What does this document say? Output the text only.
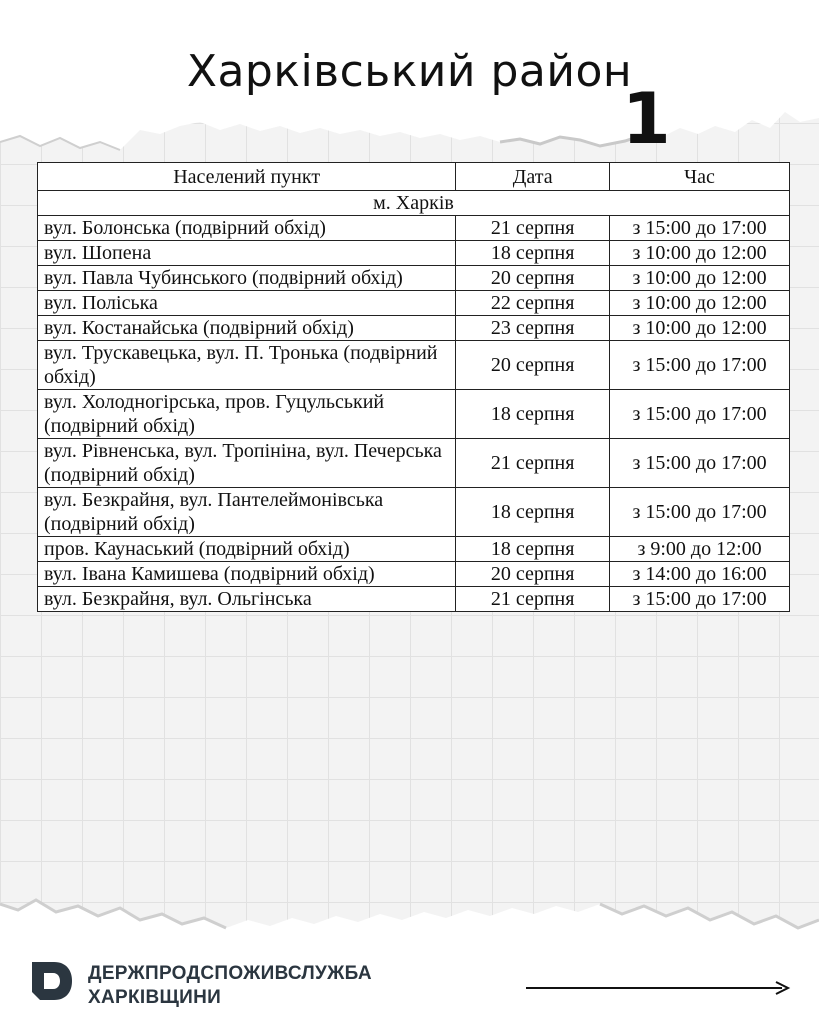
Харківський район
1
Населений пункт	Дата	Час
м. Харків		
вул. Болонська (подвірний обхід)	21 серпня	з 15:00 до 17:00
вул. Шопена	18 серпня	з 10:00 до 12:00
вул. Павла Чубинського (подвірний обхід)	20 серпня	з 10:00 до 12:00
вул. Поліська	22 серпня	з 10:00 до 12:00
вул. Костанайська (подвірний обхід)	23 серпня	з 10:00 до 12:00
вул. Трускавецька, вул. П. Тронька (подвірний обхід)	20 серпня	з 15:00 до 17:00
вул. Холодногірська, пров. Гуцульський (подвірний обхід)	18 серпня	з 15:00 до 17:00
вул. Рівненська, вул. Тропініна, вул. Печерська (подвірний обхід)	21 серпня	з 15:00 до 17:00
вул. Безкрайня, вул. Пантелеймонівська (подвірний обхід)	18 серпня	з 15:00 до 17:00
пров. Каунаський (подвірний обхід)	18 серпня	з 9:00 до 12:00
вул. Івана Камишева (подвірний обхід)	20 серпня	з 14:00 до 16:00
вул. Безкрайня, вул. Ольгінська	21 серпня	з 15:00 до 17:00
ДЕРЖПРОДСПОЖИВСЛУЖБА
ХАРКІВЩИНИ
